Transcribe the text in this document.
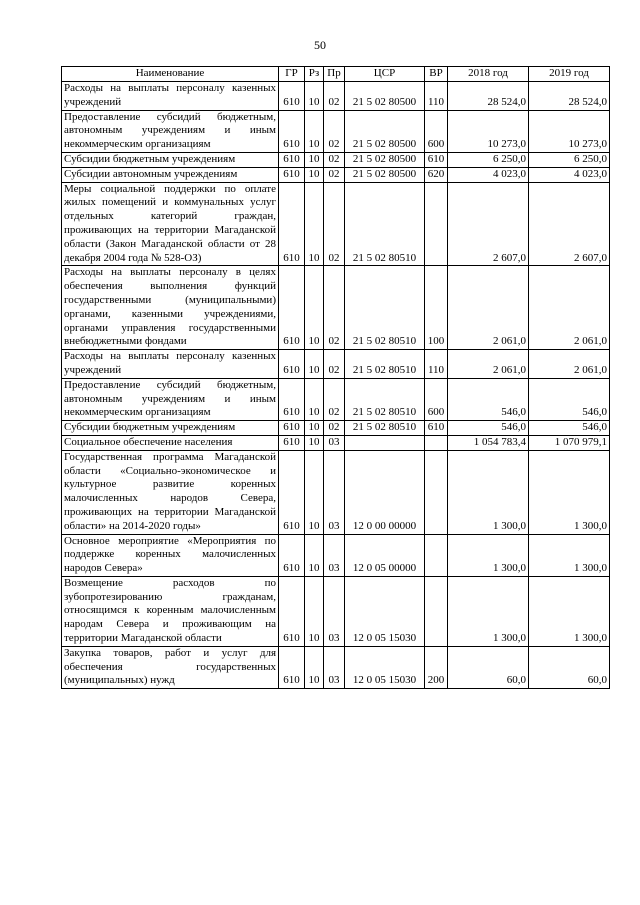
50
Наименование	ГР	Рз	Пр	ЦСР	ВР	2018 год	2019 год
Расходы на выплаты персоналу казенных учреждений	610	10	02	21 5 02 80500	110	28 524,0	28 524,0
Предоставление субсидий бюджетным, автономным учреждениям и иным некоммерческим организациям	610	10	02	21 5 02 80500	600	10 273,0	10 273,0
Субсидии бюджетным учреждениям	610	10	02	21 5 02 80500	610	6 250,0	6 250,0
Субсидии автономным учреждениям	610	10	02	21 5 02 80500	620	4 023,0	4 023,0
Меры социальной поддержки по оплате жилых помещений и коммунальных услуг отдельных категорий граждан, проживающих на территории Магаданской области (Закон Магаданской области от 28 декабря 2004 года № 528-ОЗ)	610	10	02	21 5 02 80510		2 607,0	2 607,0
Расходы на выплаты персоналу в целях обеспечения выполнения функций государственными (муниципальными) органами, казенными учреждениями, органами управления государственными внебюджетными фондами	610	10	02	21 5 02 80510	100	2 061,0	2 061,0
Расходы на выплаты персоналу казенных учреждений	610	10	02	21 5 02 80510	110	2 061,0	2 061,0
Предоставление субсидий бюджетным, автономным учреждениям и иным некоммерческим организациям	610	10	02	21 5 02 80510	600	546,0	546,0
Субсидии бюджетным учреждениям	610	10	02	21 5 02 80510	610	546,0	546,0
Социальное обеспечение населения	610	10	03			1 054 783,4	1 070 979,1
Государственная программа Магаданской области «Социально-экономическое и культурное развитие коренных малочисленных народов Севера, проживающих на территории Магаданской области» на 2014-2020 годы»	610	10	03	12 0 00 00000		1 300,0	1 300,0
Основное мероприятие «Мероприятия по поддержке коренных малочисленных народов Севера»	610	10	03	12 0 05 00000		1 300,0	1 300,0
Возмещение расходов по зубопротезированию гражданам, относящимся к коренным малочисленным народам Севера и проживающим на территории Магаданской области	610	10	03	12 0 05 15030		1 300,0	1 300,0
Закупка товаров, работ и услуг для обеспечения государственных (муниципальных) нужд	610	10	03	12 0 05 15030	200	60,0	60,0
